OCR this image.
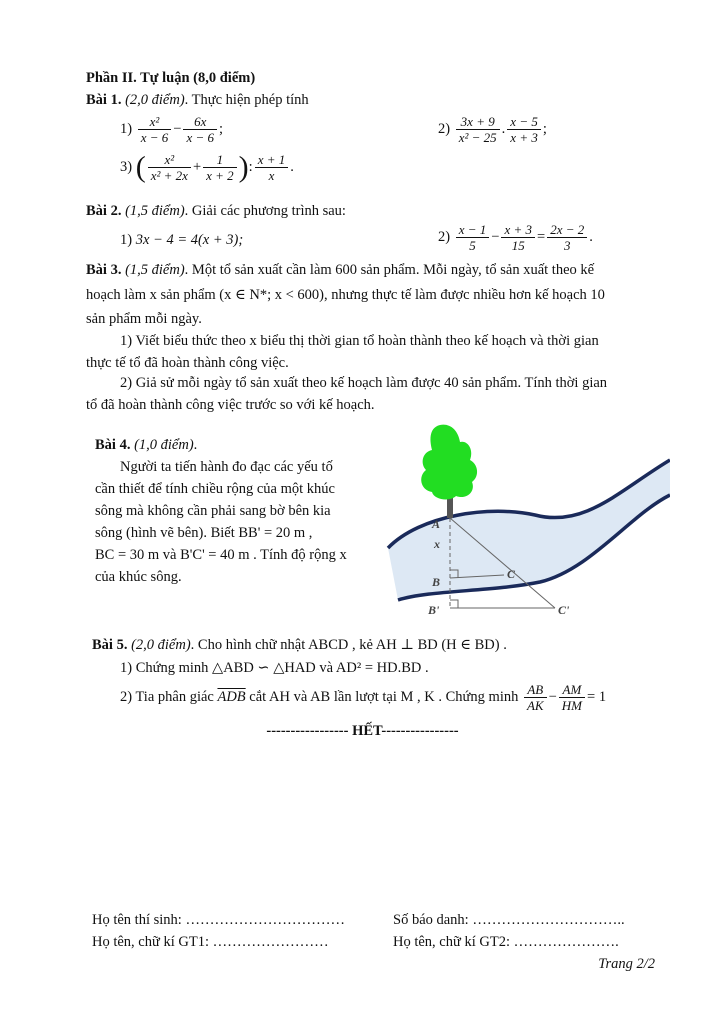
Phần II. Tự luận (8,0 điểm)
Bài 1. (2,0 điểm). Thực hiện phép tính
$1) \frac{\text{x²}}{x - 6} - \frac{6x}{x - 6}$ ;	$2) \frac{3x + 9}{\text{x² − 25}}$ . $\frac{x - 5}{x + 3}$ ;
3) ( $\frac{\text{x²}}{\text{x² + 2x}} + \frac{1}{x + 2}$ ): $\frac{x + 1}{x}$ .
Bài 2. (1,5 điểm). Giải các phương trình sau:
1) 3x − 4 = 4(x + 3);	$2) \frac{x - 1}{5} - \frac{x + 3}{15} = \frac{2x - 2}{3}$ .
Bài 3. (1,5 điểm). Một tổ sản xuất cần làm 600 sản phẩm. Mỗi ngày, tổ sản xuất theo kế
hoạch làm x sản phẩm (x ∈ N*; x < 600), nhưng thực tế làm được nhiều hơn kế hoạch 10
sản phẩm mỗi ngày.
1) Viết biểu thức theo x biểu thị thời gian tổ hoàn thành theo kế hoạch và thời gian
thực tế tổ đã hoàn thành công việc.
2) Giả sử mỗi ngày tổ sản xuất theo kế hoạch làm được 40 sản phẩm. Tính thời gian
tổ đã hoàn thành công việc trước so với kế hoạch.
Bài 4. (1,0 điểm).
Người ta tiến hành đo đạc các yếu tố
cần thiết để tính chiều rộng của một khúc
sông mà không cần phải sang bờ bên kia
sông (hình vẽ bên). Biết BB' = 20 m ,
BC = 30 m và B'C' = 40 m . Tính độ rộng x
của khúc sông.
A
x
B
C
B'	C'
Bài 5. (2,0 điểm). Cho hình chữ nhật ABCD , kẻ AH ⊥ BD (H ∈ BD) .
1) Chứng minh △ABD ∽ △HAD và AD² = HD.BD .
2) Tia phân giác $\overline{ADB}$ cắt AH và AB lần lượt tại M , K . Chứng minh $\frac{AB}{AK} - \frac{AM}{HM} = 1$
----------------- HẾT----------------
Họ tên thí sinh: ……………………………	Số báo danh: …………………………..
Họ tên, chữ kí GT1: ……………………	Họ tên, chữ kí GT2: ………………….
Trang 2/2
